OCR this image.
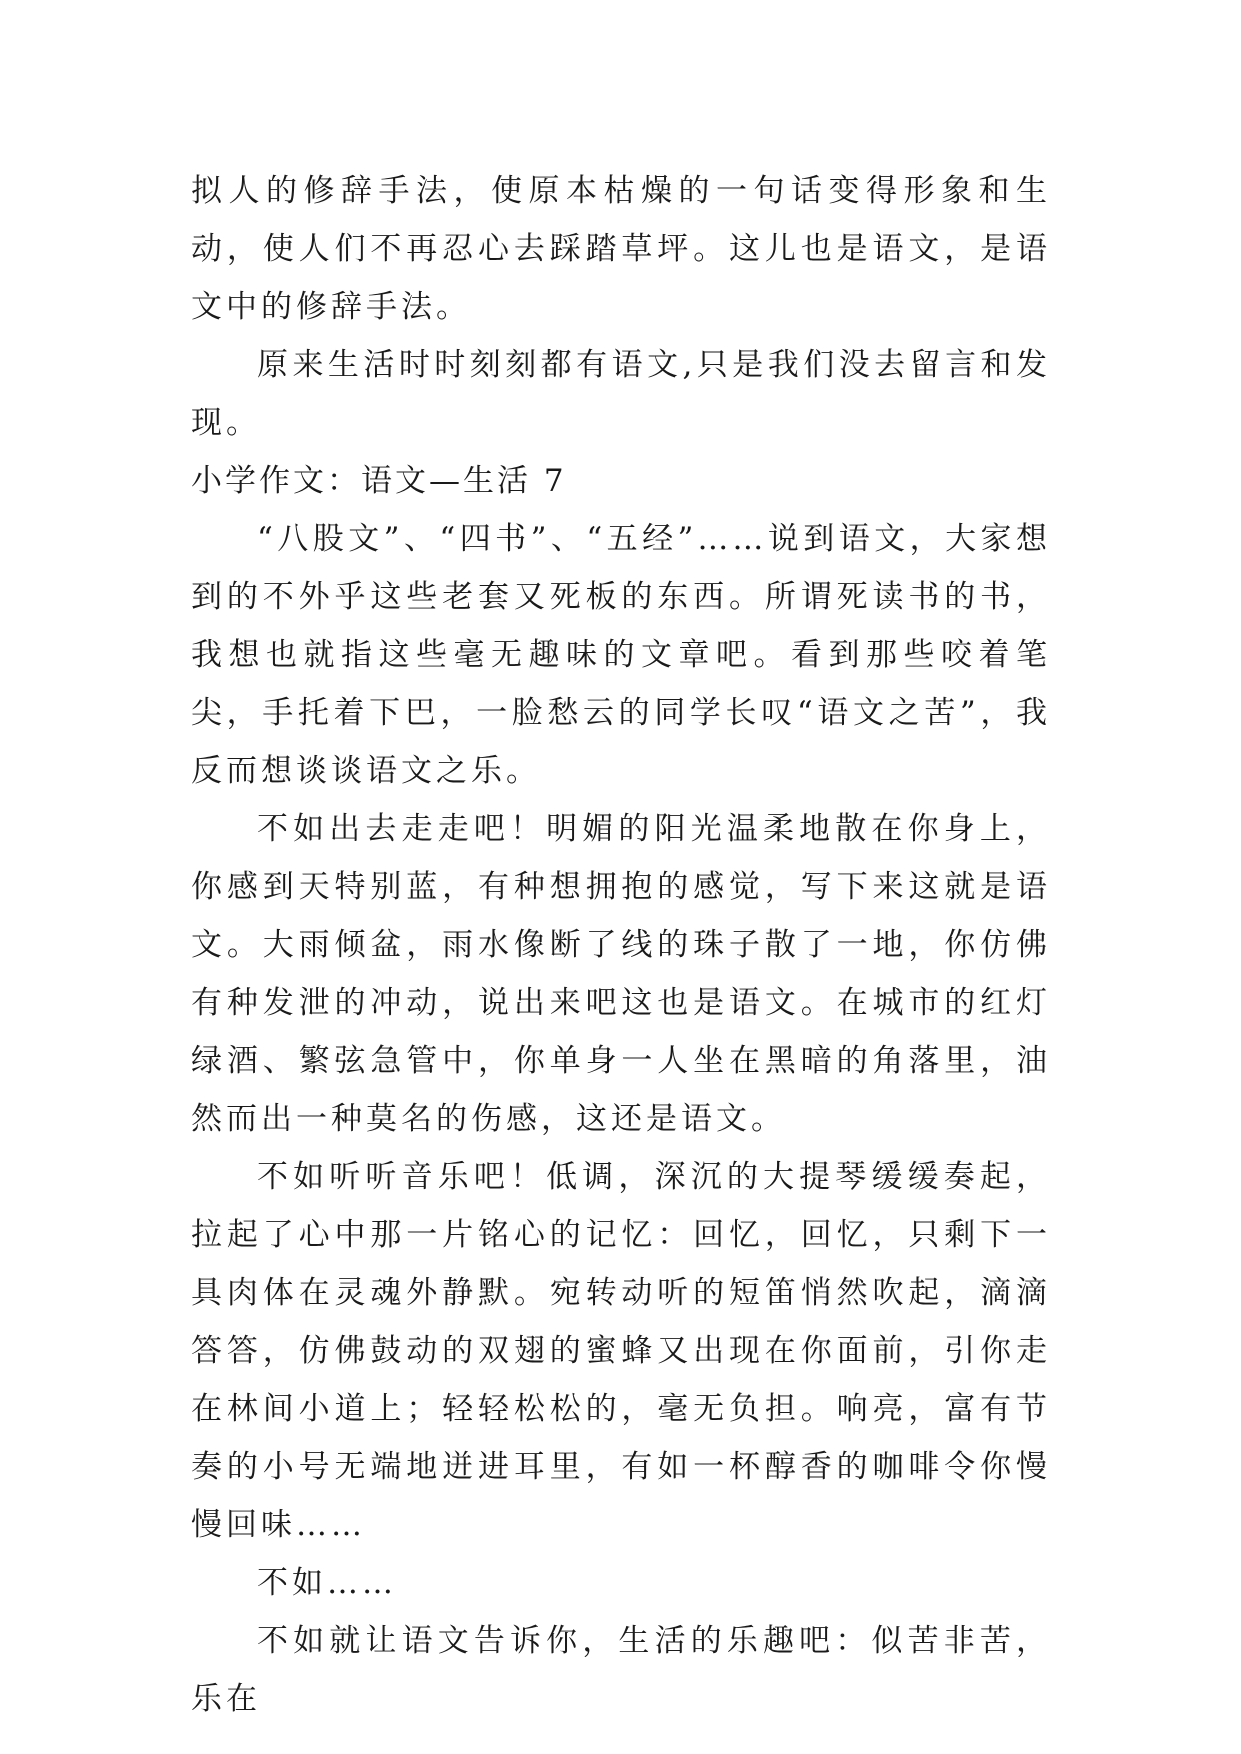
拟人的修辞手法，使原本枯燥的一句话变得形象和生动，使人们不再忍心去踩踏草坪。这儿也是语文，是语文中的修辞手法。

原来生活时时刻刻都有语文,只是我们没去留言和发现。

小学作文：语文—生活 7

“八股文”、“四书”、“五经”……说到语文，大家想到的不外乎这些老套又死板的东西。所谓死读书的书，我想也就指这些毫无趣味的文章吧。看到那些咬着笔尖，手托着下巴，一脸愁云的同学长叹“语文之苦”，我反而想谈谈语文之乐。

不如出去走走吧！明媚的阳光温柔地散在你身上，你感到天特别蓝，有种想拥抱的感觉，写下来这就是语文。大雨倾盆，雨水像断了线的珠子散了一地，你仿佛有种发泄的冲动，说出来吧这也是语文。在城市的红灯绿酒、繁弦急管中，你单身一人坐在黑暗的角落里，油然而出一种莫名的伤感，这还是语文。

不如听听音乐吧！低调，深沉的大提琴缓缓奏起，拉起了心中那一片铭心的记忆：回忆，回忆，只剩下一具肉体在灵魂外静默。宛转动听的短笛悄然吹起，滴滴答答，仿佛鼓动的双翅的蜜蜂又出现在你面前，引你走在林间小道上；轻轻松松的，毫无负担。响亮，富有节奏的小号无端地迸进耳里，有如一杯醇香的咖啡令你慢慢回味……

不如……

不如就让语文告诉你，生活的乐趣吧：似苦非苦，乐在
